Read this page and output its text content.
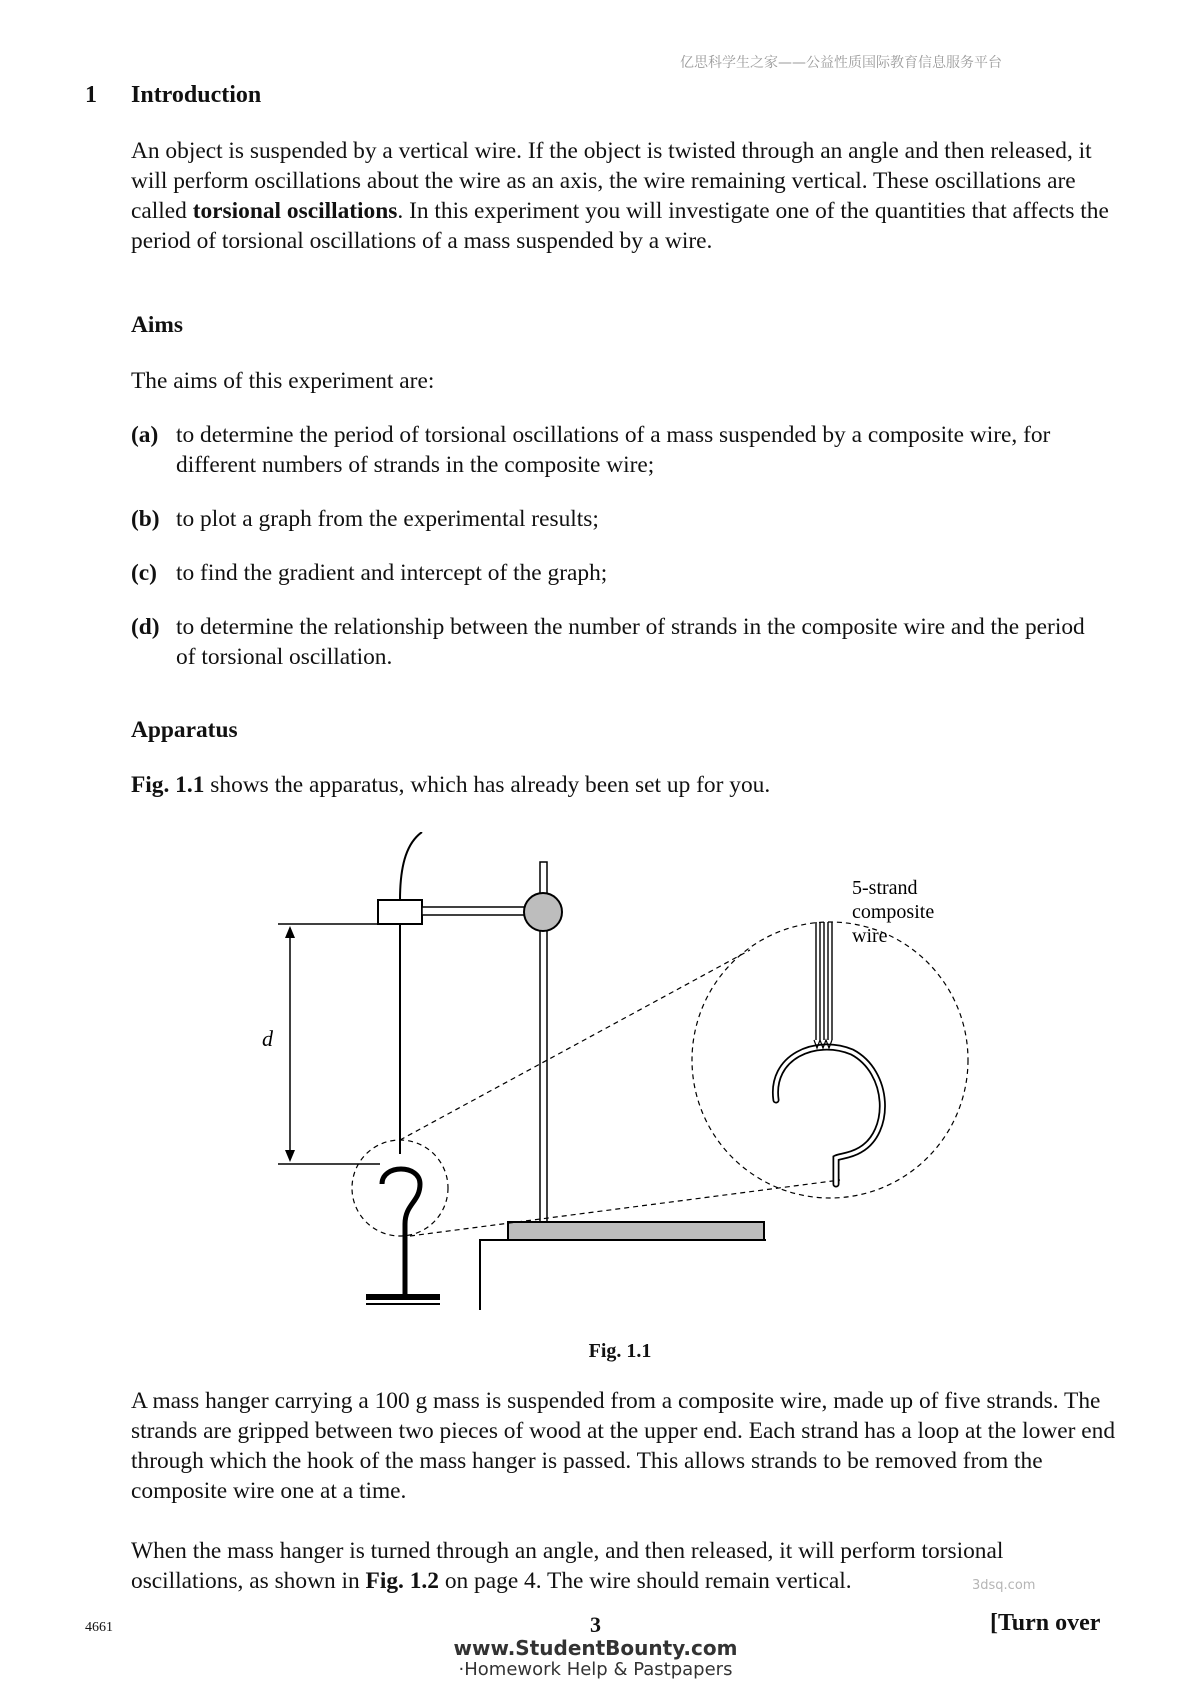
亿思科学生之家——公益性质国际教育信息服务平台
1 Introduction

An object is suspended by a vertical wire. If the object is twisted through an angle and then released, it will perform oscillations about the wire as an axis, the wire remaining vertical. These oscillations are called torsional oscillations. In this experiment you will investigate one of the quantities that affects the period of torsional oscillations of a mass suspended by a wire.

Aims
The aims of this experiment are:
(a) to determine the period of torsional oscillations of a mass suspended by a composite wire, for different numbers of strands in the composite wire;
(b) to plot a graph from the experimental results;
(c) to find the gradient and intercept of the graph;
(d) to determine the relationship between the number of strands in the composite wire and the period of torsional oscillation.
Apparatus
Fig. 1.1 shows the apparatus, which has already been set up for you.
d
5-strand
composite
wire
Fig. 1.1

A mass hanger carrying a 100 g mass is suspended from a composite wire, made up of five strands. The strands are gripped between two pieces of wood at the upper end. Each strand has a loop at the lower end through which the hook of the mass hanger is passed. This allows strands to be removed from the composite wire one at a time.

When the mass hanger is turned through an angle, and then released, it will perform torsional oscillations, as shown in Fig. 1.2 on page 4. The wire should remain vertical.	3dsq.com
4661	3	[Turn over
www.StudentBounty.com
·Homework Help & Pastpapers
